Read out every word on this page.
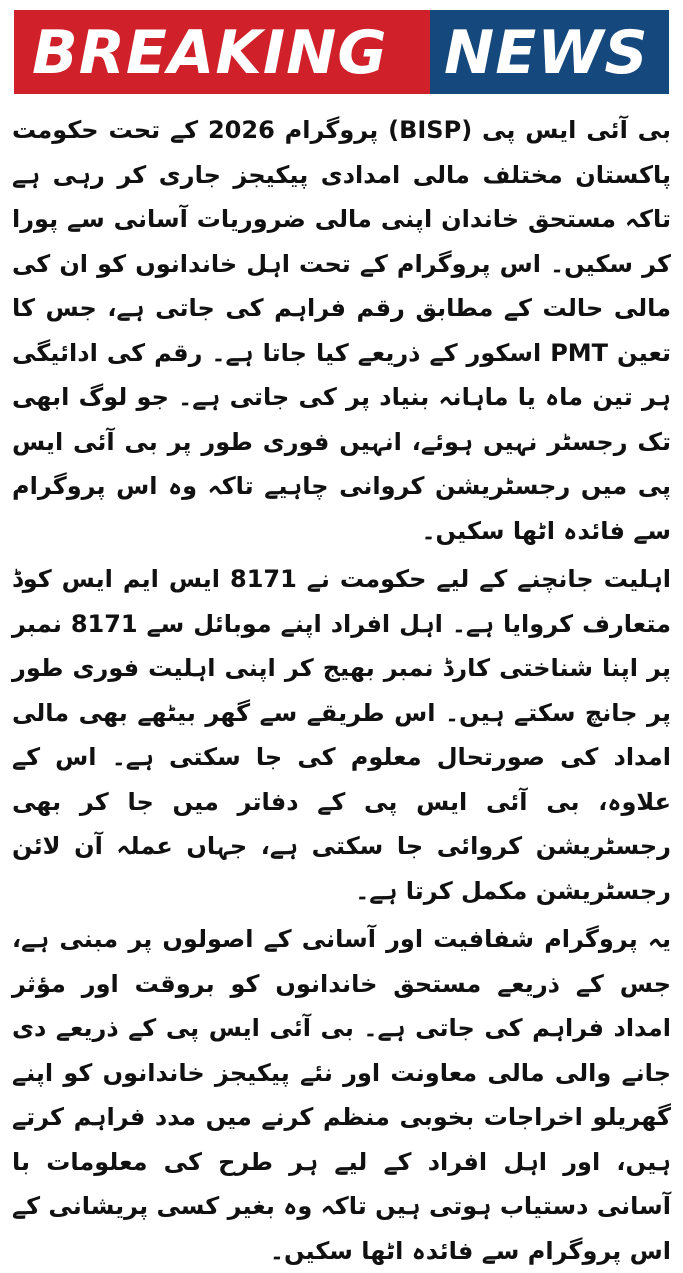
BREAKING NEWS

بی آئی ایس پی (BISP) پروگرام 2026 کے تحت حکومت پاکستان مختلف مالی امدادی پیکیجز جاری کر رہی ہے تاکہ مستحق خاندان اپنی مالی ضروریات آسانی سے پورا کر سکیں۔ اس پروگرام کے تحت اہل خاندانوں کو ان کی مالی حالت کے مطابق رقم فراہم کی جاتی ہے، جس کا تعین PMT اسکور کے ذریعے کیا جاتا ہے۔ رقم کی ادائیگی ہر تین ماہ یا ماہانہ بنیاد پر کی جاتی ہے۔ جو لوگ ابھی تک رجسٹر نہیں ہوئے، انہیں فوری طور پر بی آئی ایس پی میں رجسٹریشن کروانی چاہیے تاکہ وہ اس پروگرام سے فائدہ اٹھا سکیں۔

اہلیت جانچنے کے لیے حکومت نے 8171 ایس ایم ایس کوڈ متعارف کروایا ہے۔ اہل افراد اپنے موبائل سے 8171 نمبر پر اپنا شناختی کارڈ نمبر بھیج کر اپنی اہلیت فوری طور پر جانچ سکتے ہیں۔ اس طریقے سے گھر بیٹھے بھی مالی امداد کی صورتحال معلوم کی جا سکتی ہے۔ اس کے علاوہ، بی آئی ایس پی کے دفاتر میں جا کر بھی رجسٹریشن کروائی جا سکتی ہے، جہاں عملہ آن لائن رجسٹریشن مکمل کرتا ہے۔

یہ پروگرام شفافیت اور آسانی کے اصولوں پر مبنی ہے، جس کے ذریعے مستحق خاندانوں کو بروقت اور مؤثر امداد فراہم کی جاتی ہے۔ بی آئی ایس پی کے ذریعے دی جانے والی مالی معاونت اور نئے پیکیجز خاندانوں کو اپنے گھریلو اخراجات بخوبی منظم کرنے میں مدد فراہم کرتے ہیں، اور اہل افراد کے لیے ہر طرح کی معلومات با آسانی دستیاب ہوتی ہیں تاکہ وہ بغیر کسی پریشانی کے اس پروگرام سے فائدہ اٹھا سکیں۔
